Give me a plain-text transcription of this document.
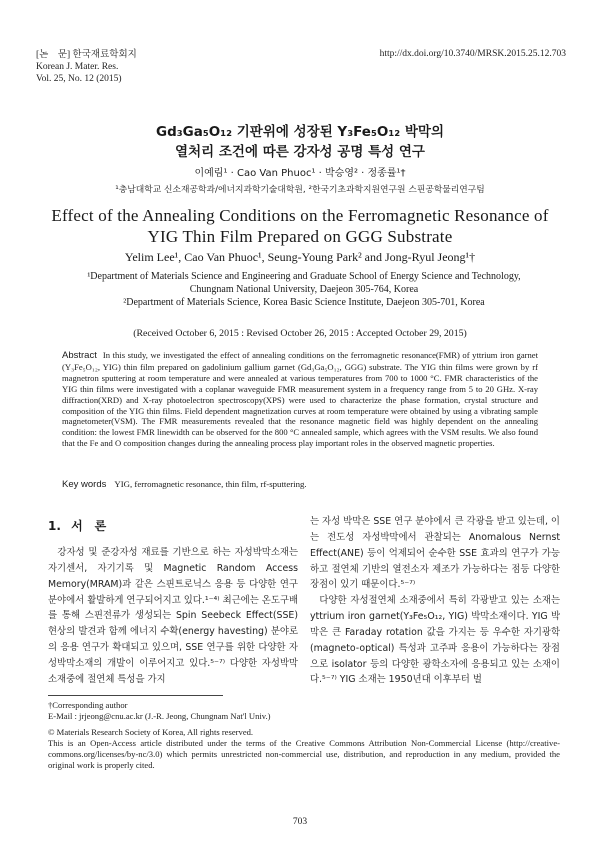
[논　문] 한국재료학회지
Korean J. Mater. Res.
Vol. 25, No. 12 (2015)
http://dx.doi.org/10.3740/MRSK.2015.25.12.703
Gd₃Ga₅O₁₂ 기판위에 성장된 Y₃Fe₅O₁₂ 박막의
열처리 조건에 따른 강자성 공명 특성 연구
이예림¹ · Cao Van Phuoc¹ · 박승영² · 정종률¹†
¹충남대학교 신소재공학과/에너지과학기술대학원, ²한국기초과학지원연구원 스핀공학물리연구팀
Effect of the Annealing Conditions on the Ferromagnetic Resonance of
YIG Thin Film Prepared on GGG Substrate
Yelim Lee¹, Cao Van Phuoc¹, Seung-Young Park² and Jong-Ryul Jeong¹†
¹Department of Materials Science and Engineering and Graduate School of Energy Science and Technology,
Chungnam National University, Daejeon 305-764, Korea
²Department of Materials Science, Korea Basic Science Institute, Daejeon 305-701, Korea
(Received October 6, 2015 : Revised October 26, 2015 : Accepted October 29, 2015)
Abstract In this study, we investigated the effect of annealing conditions on the ferromagnetic resonance(FMR) of yttrium iron garnet (Y₃Fe₅O₁₂, YIG) thin film prepared on gadolinium gallium garnet (Gd₃Ga₅O₁₂, GGG) substrate. The YIG thin films were grown by rf magnetron sputtering at room temperature and were annealed at various temperatures from 700 to 1000 °C. FMR characteristics of the YIG thin films were investigated with a coplanar waveguide FMR measurement system in a frequency range from 5 to 20 GHz. X-ray diffraction(XRD) and X-ray photoelectron spectroscopy(XPS) were used to characterize the phase formation, crystal structure and composition of the YIG thin films. Field dependent magnetization curves at room temperature were obtained by using a vibrating sample magnetometer(VSM). The FMR measurements revealed that the resonance magnetic field was highly dependent on the annealing condition: the lowest FMR linewidth can be observed for the 800 °C annealed sample, which agrees with the VSM results. We also found that the Fe and O composition changes during the annealing process play important roles in the observed magnetic properties.
Key words YIG, ferromagnetic resonance, thin film, rf-sputtering.
1. 서　론

강자성 및 준강자성 재료를 기반으로 하는 자성박막소재는 자기센서, 자기기록 및 Magnetic Random Access Memory(MRAM)과 같은 스핀트로닉스 응용 등 다양한 연구분야에서 활발하게 연구되어지고 있다.¹⁻⁴⁾ 최근에는 온도구배를 통해 스핀전류가 생성되는 Spin Seebeck Effect(SSE) 현상의 발견과 함께 에너지 수확(energy havesting) 분야로의 응용 연구가 확대되고 있으며, SSE 연구를 위한 다양한 자성박막소재의 개발이 이루어지고 있다.⁵⁻⁷⁾ 다양한 자성박막 소재중에 절연체 특성을 가지

는 자성 박막은 SSE 연구 분야에서 큰 각광을 받고 있는데, 이는 전도성 자성박막에서 관찰되는 Anomalous Nernst Effect(ANE) 등이 억제되어 순수한 SSE 효과의 연구가 가능하고 절연체 기반의 열전소자 제조가 가능하다는 점등 다양한 장점이 있기 때문이다.⁵⁻⁷⁾

다양한 자성절연체 소재중에서 특히 각광받고 있는 소재는 yttrium iron garnet(Y₃Fe₅O₁₂, YIG) 박막소재이다. YIG 박막은 큰 Faraday rotation 값을 가지는 등 우수한 자기광학(magneto-optical) 특성과 고주파 응용이 가능하다는 장점으로 isolator 등의 다양한 광학소자에 응용되고 있는 소재이다.⁵⁻⁷⁾ YIG 소재는 1950년대 이후부터 벌

†Corresponding author
E-Mail : jrjeong@cnu.ac.kr (J.-R. Jeong, Chungnam Nat'l Univ.)
© Materials Research Society of Korea, All rights reserved.
This is an Open-Access article distributed under the terms of the Creative Commons Attribution Non-Commercial License (http://creative-commons.org/licenses/by-nc/3.0) which permits unrestricted non-commercial use, distribution, and reproduction in any medium, provided the original work is properly cited.
703
